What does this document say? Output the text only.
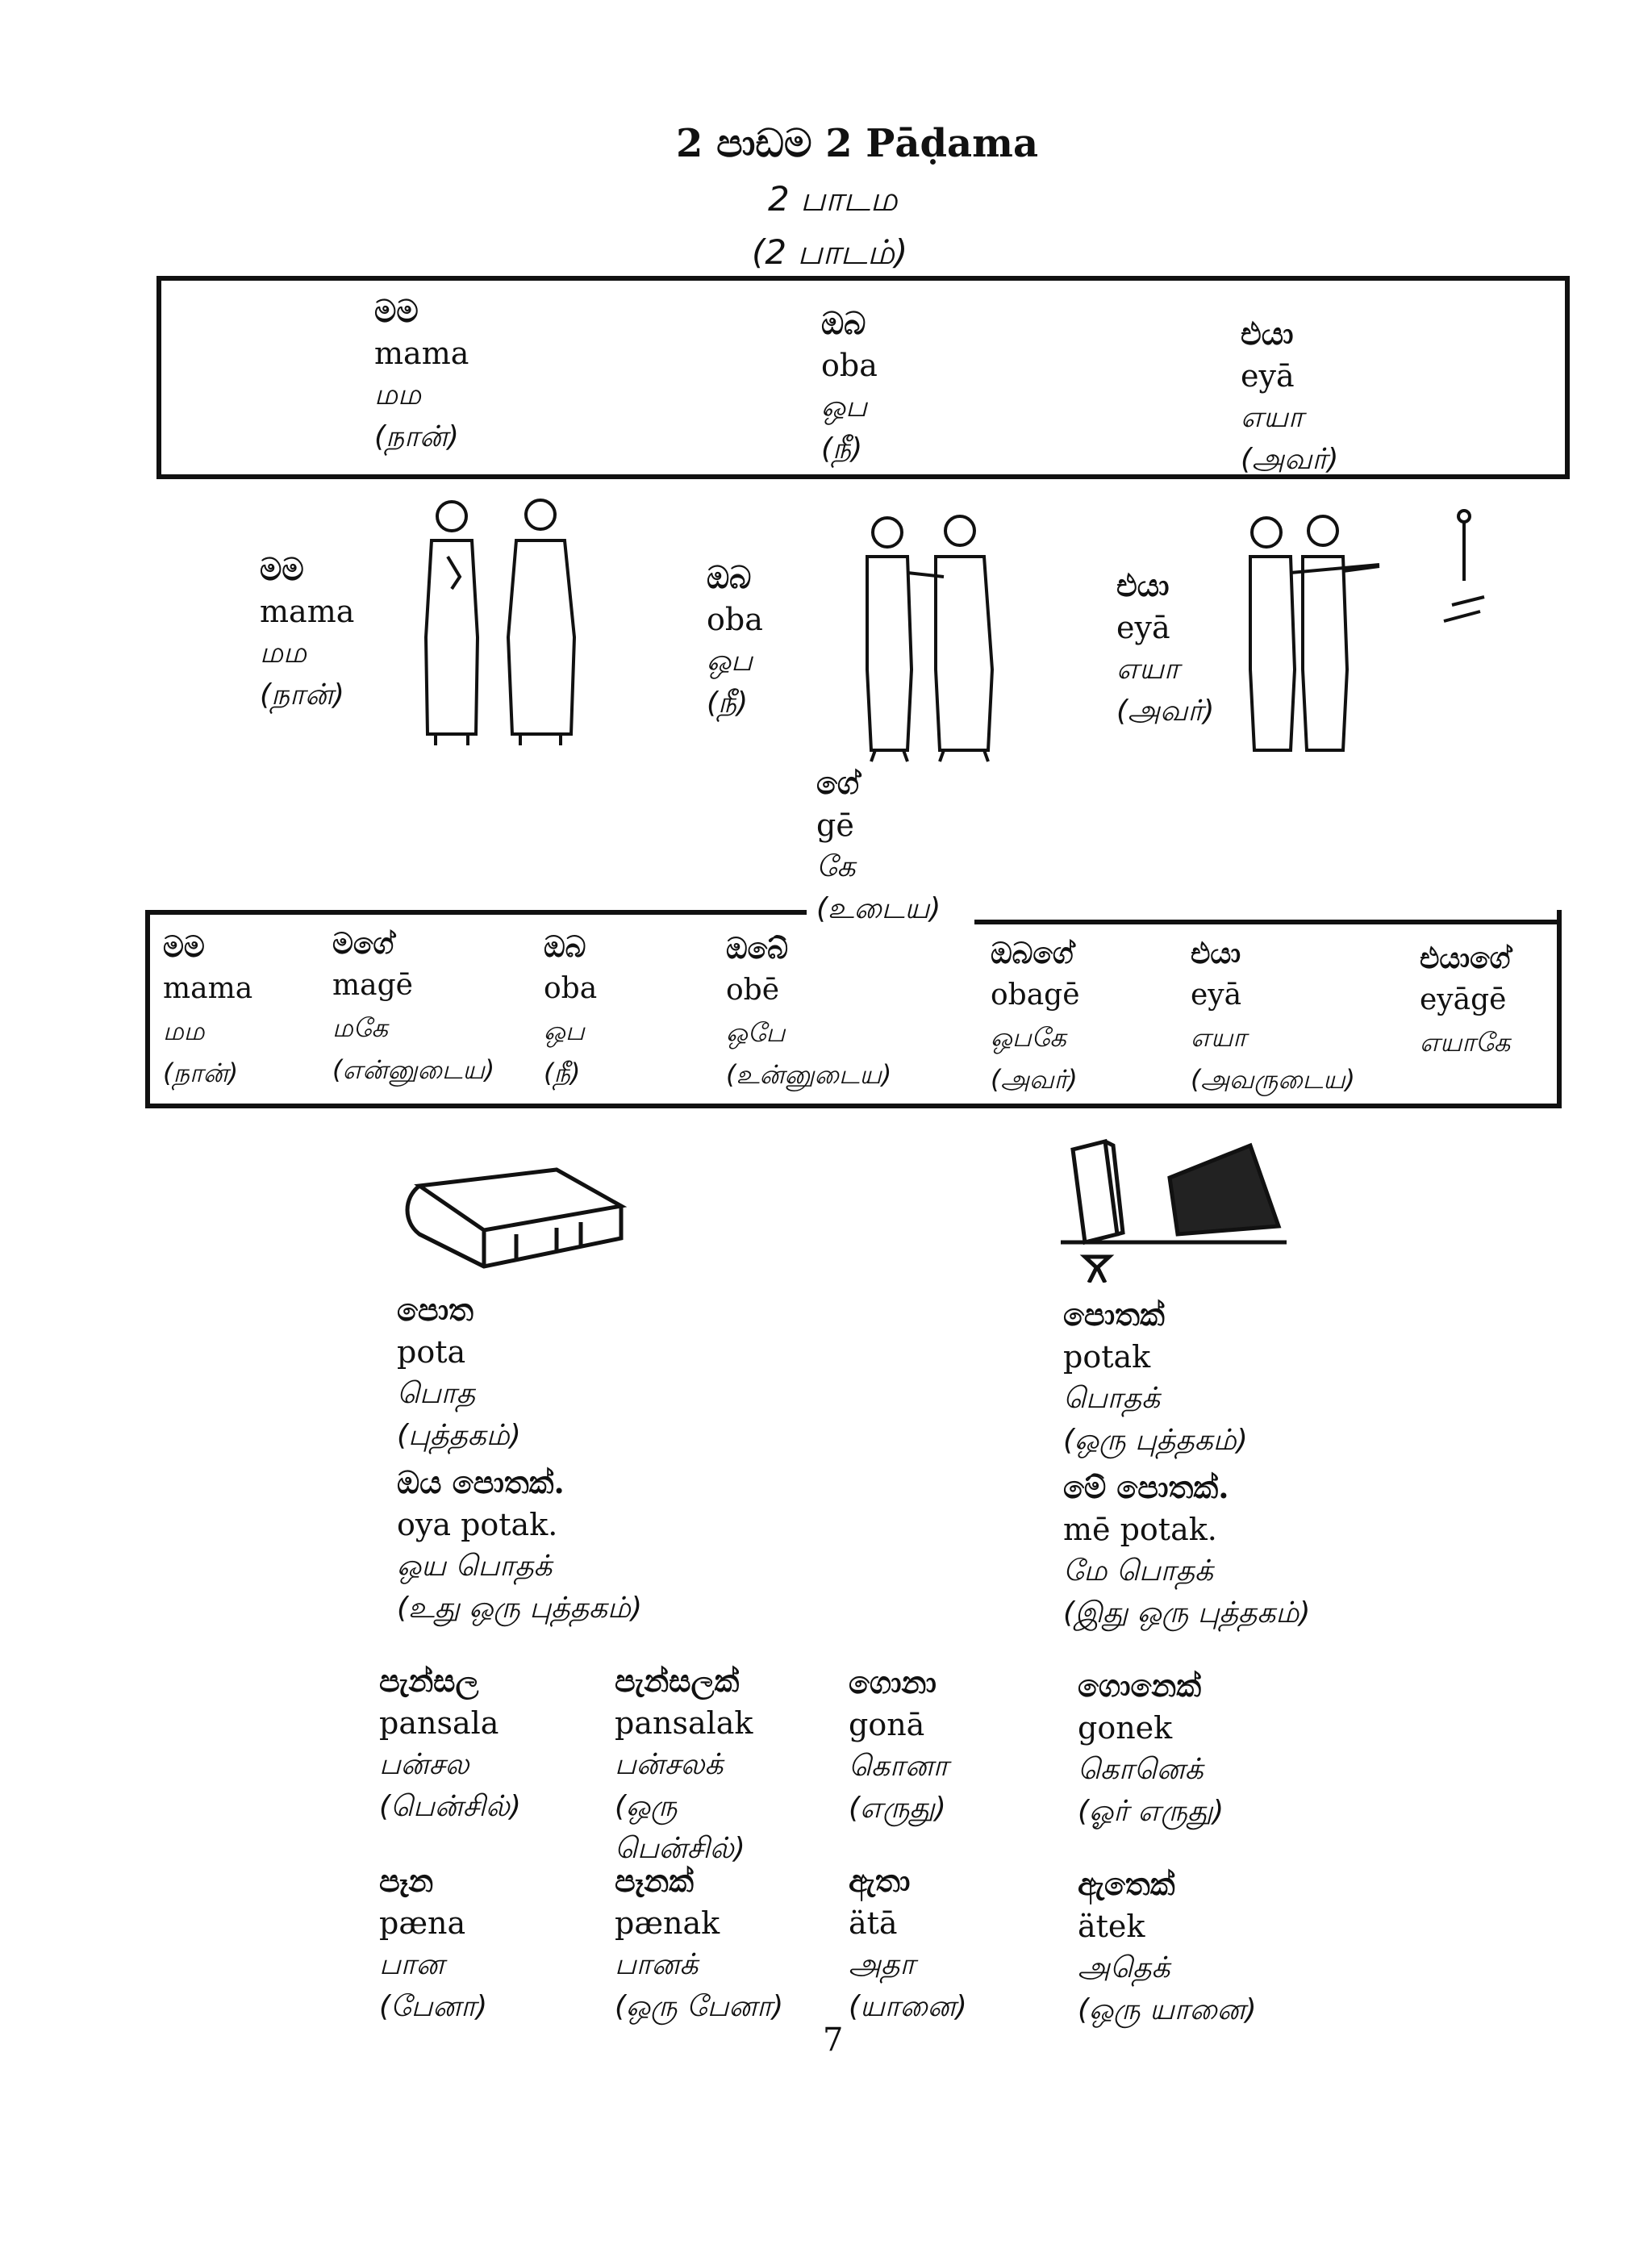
2 පාඩම 2 Pāḍama
2 பாடம
(2 பாடம்)
මම
mama
மம
(நான்)
ඔබ
oba
ஒப
(நீ)
එයා
eyā
எயா
(அவர்)
මම
mama
மம
(நான்)
ඔබ
oba
ஒப
(நீ)
එයා
eyā
எயா
(அவர்)
ගේ
gē
கே
(உடைய)
මම
mama
மம
(நான்)
මගේ
magē
மகே
(என்னுடைய)
ඔබ
oba
ஒப
(நீ)
ඔබේ
obē
ஒபே
(உன்னுடைய)
ඔබගේ
obagē
ஒபகே
(அவர்)
එයා
eyā
எயா
(அவருடைய)
එයාගේ
eyāgē
எயாகே
පොත
pota
பொத
(புத்தகம்)
ඔය පොතක්.
oya potak.
ஒய பொதக்
(உது ஒரு புத்தகம்)
පොතක්
potak
பொதக்
(ஒரு புத்தகம்)
මේ පොතක්.
mē potak.
மே பொதக்
(இது ஒரு புத்தகம்)
පැන්සල
pansala
பன்சல
(பென்சில்)
පැන්සලක්
pansalak
பன்சலக்
(ஒரு
பென்சில்)
ගොනා
gonā
கொனா
(எருது)
ගොනෙක්
gonek
கொனெக்
(ஓர் எருது)
පෑන
pæna
பான
(பேனா)
පෑනක්
pænak
பானக்
(ஒரு பேனா)
ඇතා
ätā
அதா
(யானை)
ඇතෙක්
ätek
அதெக்
(ஒரு யானை)
7
